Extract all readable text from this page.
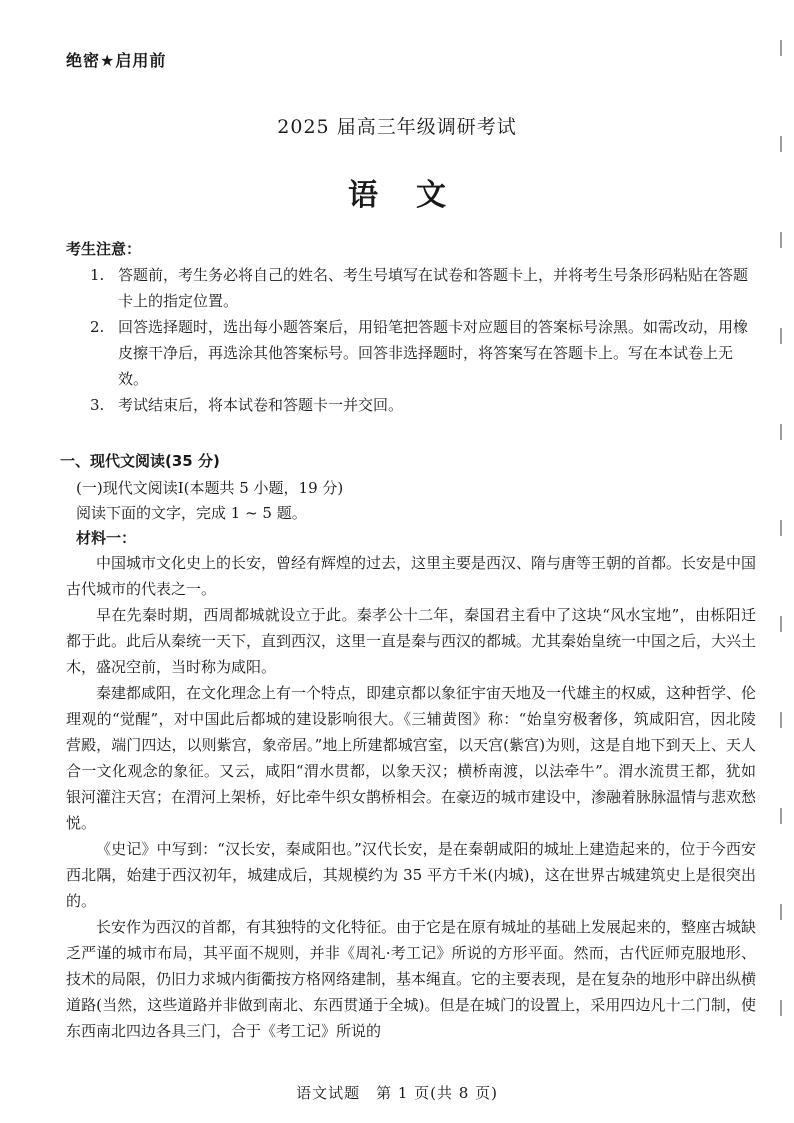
绝密★启用前
2025 届高三年级调研考试
语文
考生注意：
1. 答题前，考生务必将自己的姓名、考生号填写在试卷和答题卡上，并将考生号条形码粘贴在答题卡上的指定位置。
2. 回答选择题时，选出每小题答案后，用铅笔把答题卡对应题目的答案标号涂黑。如需改动，用橡皮擦干净后，再选涂其他答案标号。回答非选择题时，将答案写在答题卡上。写在本试卷上无效。
3. 考试结束后，将本试卷和答题卡一并交回。
一、现代文阅读(35 分)
(一)现代文阅读Ⅰ(本题共 5 小题，19 分)
阅读下面的文字，完成 1 ~ 5 题。
材料一：

中国城市文化史上的长安，曾经有辉煌的过去，这里主要是西汉、隋与唐等王朝的首都。长安是中国古代城市的代表之一。

早在先秦时期，西周都城就设立于此。秦孝公十二年，秦国君主看中了这块“风水宝地”，由栎阳迁都于此。此后从秦统一天下，直到西汉，这里一直是秦与西汉的都城。尤其秦始皇统一中国之后，大兴土木，盛况空前，当时称为咸阳。

秦建都咸阳，在文化理念上有一个特点，即建京都以象征宇宙天地及一代雄主的权威，这种哲学、伦理观的“觉醒”，对中国此后都城的建设影响很大。《三辅黄图》称：“始皇穷极奢侈，筑咸阳宫，因北陵营殿，端门四达，以则紫宫，象帝居。”地上所建都城宫室，以天宫(紫宫)为则，这是自地下到天上、天人合一文化观念的象征。又云，咸阳“渭水贯都，以象天汉；横桥南渡，以法牵牛”。渭水流贯王都，犹如银河灌注天宫；在渭河上架桥，好比牵牛织女鹊桥相会。在豪迈的城市建设中，渗融着脉脉温情与悲欢愁悦。

《史记》中写到：“汉长安，秦咸阳也。”汉代长安，是在秦朝咸阳的城址上建造起来的，位于今西安西北隅，始建于西汉初年，城建成后，其规模约为 35 平方千米(内城)，这在世界古城建筑史上是很突出的。

长安作为西汉的首都，有其独特的文化特征。由于它是在原有城址的基础上发展起来的，整座古城缺乏严谨的城市布局，其平面不规则，并非《周礼·考工记》所说的方形平面。然而，古代匠师克服地形、技术的局限，仍旧力求城内街衢按方格网络建制，基本绳直。它的主要表现，是在复杂的地形中辟出纵横道路(当然，这些道路并非做到南北、东西贯通于全城)。但是在城门的设置上，采用四边凡十二门制，使东西南北四边各具三门，合于《考工记》所说的

语文试题　第 1 页(共 8 页)
